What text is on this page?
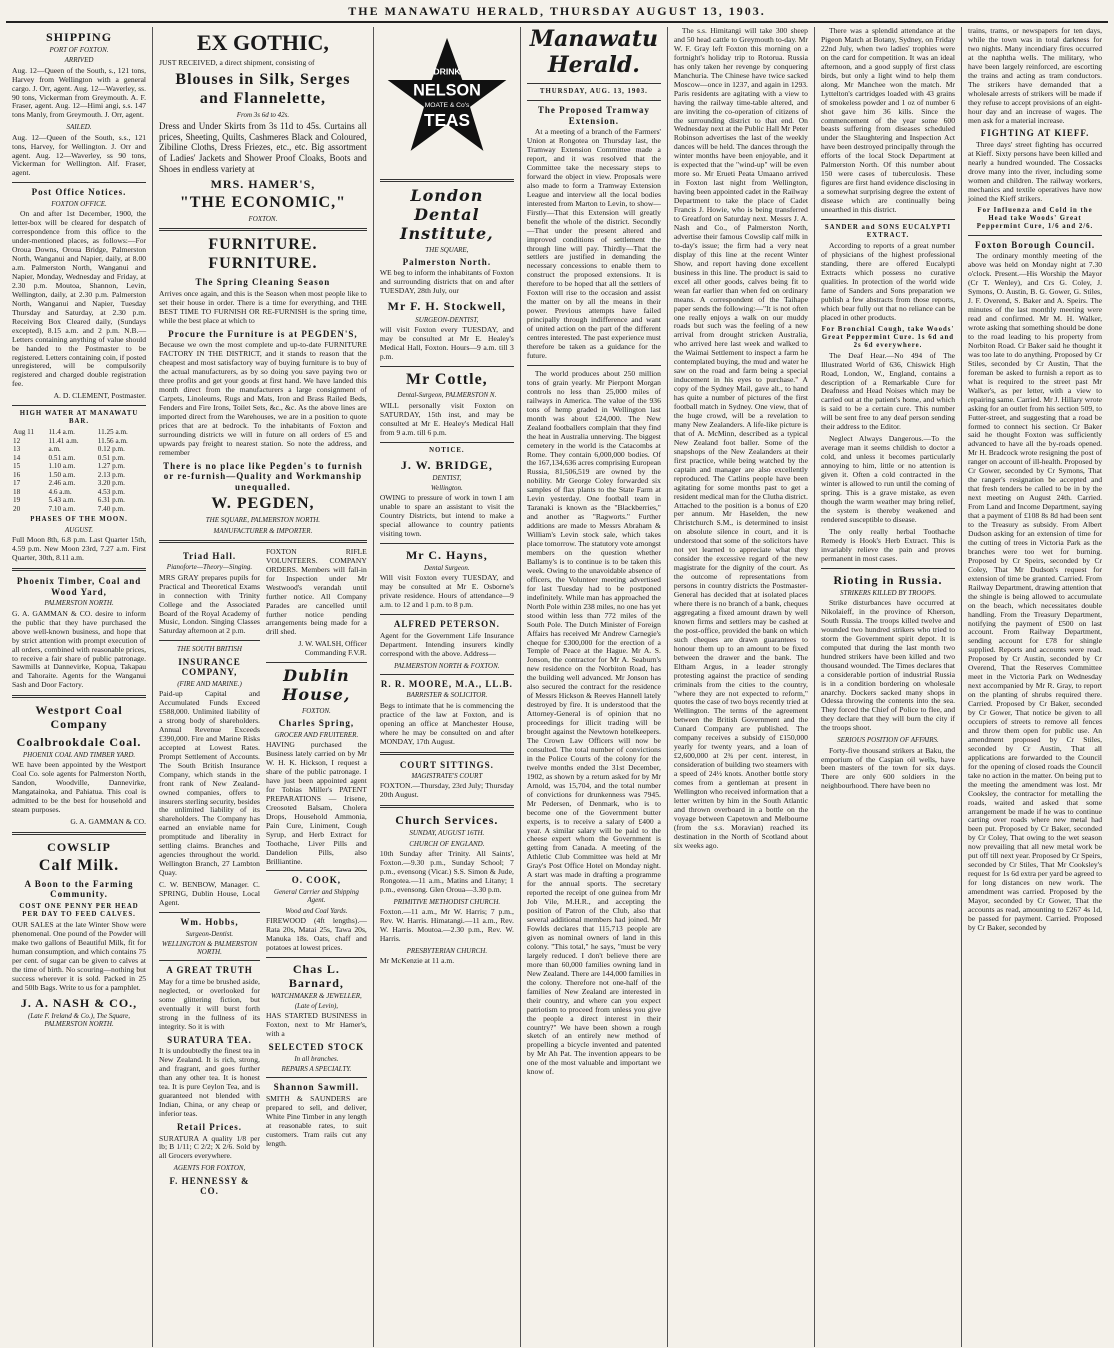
THE MANAWATU HERALD, THURSDAY AUGUST 13, 1903.
SHIPPING
PORT OF FOXTON.
ARRIVED

Aug. 12—Queen of the South, s., 121 tons, Harvey from Wellington with a general cargo. J. Orr, agent. Aug. 12—Waverley, ss. 90 tons, Vickerman from Greymouth. A. F. Fraser, agent. Aug. 12—Himi angi, s.s. 147 tons Manly, from Greymouth. J. Orr, agent.

SAILED.

Aug. 12—Queen of the South, s.s., 121 tons, Harvey, for Wellington. J. Orr and agent. Aug. 12—Waverley, ss 90 tons, Vickerman for Wellington. Alf. Fraser, agent.

Post Office Notices.
FOXTON OFFICE.

On and after 1st December, 1900, the letter-box will be cleared for despatch of correspondence from this office to the under-mentioned places, as follows:—For Oroua Downs, Oroua Bridge, Palmerston North, Wanganui and Napier, daily, at 8.00 a.m. Palmerston North, Wanganui and Napier, Monday, Wednesday and Friday, at 2.30 p.m. Moutoa, Shannon, Levin, Wellington, daily, at 2.30 p.m. Palmerston North, Wanganui and Napier, Tuesday Thursday and Saturday, at 2.30 p.m. Receiving Box Cleared daily, (Sundays excepted), 8.15 a.m. and 2 p.m. N.B.—Letters containing anything of value should be handed to the Postmaster to be registered. Letters containing coin, if posted unregistered, will be compulsorily registered and charged double registration fee.

A. D. CLEMENT, Postmaster.

HIGH WATER AT MANAWATU BAR.
Aug 11	11.4 a.m.	11.25 a.m.
12	11.41 a.m.	11.56 a.m.
13	a.m.	0.12 p.m.
14	0.51 a.m.	0.51 p.m.
15	1.10 a.m.	1.27 p.m.
16	1.50 a.m.	2.13 p.m.
17	2.46 a.m.	3.20 p.m.
18	4.6 a.m.	4.53 p.m.
19	5.43 a.m.	6.31 p.m.
20	7.10 a.m.	7.40 p.m.
PHASES OF THE MOON.
AUGUST.

Full Moon 8th, 6.8 p.m. Last Quarter 15th, 4.59 p.m. New Moon 23rd, 7.27 a.m. First Quarter, 30th, 8.11 a.m.

Phoenix Timber, Coal and Wood Yard,
PALMERSTON NORTH.

G. A. GAMMAN & CO. desire to inform the public that they have purchased the above well-known business, and hope that by strict attention with prompt execution of all orders, combined with reasonable prices, to receive a fair share of public patronage. Sawmills at Dannevirke, Kopua, Takapau and Tahoraite. Agents for the Wanganui Sash and Door Factory.

Westport Coal Company
Coalbrookdale Coal.
PHOENIX COAL AND TIMBER YARD.

WE have been appointed by the Westport Coal Co. sole agents for Palmerston North, Sandon, Woodville, Dannevirke, Mangatainoka, and Pahiatua. This coal is admitted to be the best for household and steam purposes.

G. A. GAMMAN & CO.

COWSLIP
Calf Milk.
A Boon to the Farming Community.
COST ONE PENNY PER HEAD PER DAY TO FEED CALVES.

OUR SALES at the late Winter Show were phenomenal. One pound of the Powder will make two gallons of Beautiful Milk, fit for human consumption, and which contains 75 per cent. of sugar can be given to calves at the time of birth. No scouring—nothing but success wherever it is sold. Packed in 25 and 50lb Bags. Write to us for a pamphlet.

J. A. NASH & CO.,
(Late F. Ireland & Co.), The Square, PALMERSTON NORTH.
EX GOTHIC,

JUST RECEIVED, a direct shipment, consisting of

Blouses in Silk, Serges and Flannelette,
From 3s 6d to 42s.

Dress and Under Skirts from 3s 11d to 45s. Curtains all prices, Sheeting, Quilts, Cashmeres Black and Coloured, Zibiline Cloths, Dress Friezes, etc., etc. Big assortment of Ladies' Jackets and Shower Proof Cloaks, Boots and Shoes in endless variety at

MRS. HAMER'S,
"THE ECONOMIC,"
FOXTON.
FURNITURE. FURNITURE.
The Spring Cleaning Season

Arrives once again, and this is the Season when most people like to set their house in order. There is a time for everything, and THE BEST TIME TO FURNISH OR RE-FURNISH is the spring time, while the best place at which to

Procure the Furniture is at PEGDEN'S,

Because we own the most complete and up-to-date FURNITURE FACTORY IN THE DISTRICT, and it stands to reason that the cheapest and most satisfactory way of buying furniture is to buy of the actual manufacturers, as by so doing you save paying two or three profits and get your goods at first hand. We have landed this month direct from the manufacturers a large consignment of Carpets, Linoleums, Rugs and Mats, Iron and Brass Railed Beds, Fenders and Fire Irons, Toilet Sets, &c., &c. As the above lines are imported direct from the Warehouses, we are in a position to quote prices that are at bedrock. To the inhabitants of Foxton and surrounding districts we will in future on all orders of £5 and upwards pay freight to nearest station. So note the address, and remember

There is no place like Pegden's to furnish or re-furnish—Quality and Workmanship unequalled.
W. PEGDEN,
THE SQUARE, PALMERSTON NORTH.
MANUFACTURER & IMPORTER.
Triad Hall.
Pianoforte—Theory—Singing.

MRS GRAY prepares pupils for Practical and Theoretical Exams in connection with Trinity College and the Associated Board of the Royal Academy of Music, London. Singing Classes Saturday afternoon at 2 p.m.

THE SOUTH BRITISH
INSURANCE COMPANY,
(FIRE AND MARINE.)

Paid-up Capital and Accumulated Funds Exceed £588,000. Unlimited liability of a strong body of shareholders. Annual Revenue Exceeds £390,000. Fire and Marine Risks accepted at Lowest Rates. Prompt Settlement of Accounts. The South British Insurance Company, which stands in the front rank of New Zealand-owned companies, offers to insurers sterling security, besides the unlimited liability of its shareholders. The Company has earned an enviable name for promptitude and liberality in settling claims. Branches and agencies throughout the world. Wellington Branch, 27 Lambton Quay.

C. W. BENBOW, Manager. C. SPRING, Dublin House, Local Agent.

Wm. Hobbs,
Surgeon-Dentist.
WELLINGTON & PALMERSTON NORTH.
A GREAT TRUTH

May for a time be brushed aside, neglected, or overlooked for some glittering fiction, but eventually it will burst forth strong in the fullness of its integrity. So it is with

SURATURA TEA.

It is undoubtedly the finest tea in New Zealand. It is rich, strong, and fragrant, and goes further than any other tea. It is honest tea. It is pure Ceylon Tea, and is guaranteed not blended with Indian, China, or any cheap or inferior teas.

Retail Prices.

SURATURA A quality 1/8 per lb; B 1/11; C 2/2; X 2/6. Sold by all Grocers everywhere.

AGENTS FOR FOXTON,
F. HENNESSY & CO.

FOXTON RIFLE VOLUNTEERS. COMPANY ORDERS. Members will fall-in for Inspection under Mr Westwood's verandah until further notice. All Company Parades are cancelled until further notice pending arrangements being made for a drill shed.

J. W. WALSH, Officer Commanding F.V.R.

Dublin House,
FOXTON.
Charles Spring,
GROCER AND FRUITERER.

HAVING purchased the Business lately carried on by Mr W. H. K. Hickson, I request a share of the public patronage. I have just been appointed agent for Tobias Miller's PATENT PREPARATIONS — Irisene, Creosoted Balsam, Cholera Drops, Household Ammonia, Pain Cure, Liniment, Cough Syrup, and Herb Extract for Toothache, Liver Pills and Dandelion Pills, also Brilliantine.

O. COOK,
General Carrier and Shipping Agent.
Wood and Coal Yards.

FIREWOOD (4ft lengths).—Rata 20s, Matai 25s, Tawa 20s, Manuka 18s. Oats, chaff and potatoes at lowest prices.

Chas L. Barnard,
WATCHMAKER & JEWELLER,
(Late of Levin),

HAS STARTED BUSINESS in Foxton, next to Mr Hamer's, with a

SELECTED STOCK
In all branches.
REPAIRS A SPECIALTY.
Shannon Sawmill.

SMITH & SAUNDERS are prepared to sell, and deliver, White Pine Timber in any length at reasonable rates, to suit customers. Tram rails cut any length.

DRINK
NELSON
MOATE & Co's
TEAS
London Dental Institute,
THE SQUARE,
Palmerston North.

WE beg to inform the inhabitants of Foxton and surrounding districts that on and after TUESDAY, 28th July, our

Mr F. H. Stockwell,
SURGEON-DENTIST,

will visit Foxton every TUESDAY, and may be consulted at Mr E. Healey's Medical Hall, Foxton. Hours—9 a.m. till 3 p.m.

Mr Cottle,
Dental-Surgeon, PALMERSTON N.

WILL personally visit Foxton on SATURDAY, 15th inst, and may be consulted at Mr E. Healey's Medical Hall from 9 a.m. till 6 p.m.

NOTICE.
J. W. BRIDGE,
DENTIST,
Wellington.

OWING to pressure of work in town I am unable to spare an assistant to visit the Country Districts, but intend to make a special allowance to country patients visiting town.

Mr C. Hayns,
Dental Surgeon.

Will visit Foxton every TUESDAY, and may be consulted at Mr E. Osborne's private residence. Hours of attendance—9 a.m. to 12 and 1 p.m. to 8 p.m.

ALFRED PETERSON.

Agent for the Government Life Insurance Department. Intending insurers kindly correspond with the above. Address—

PALMERSTON NORTH & FOXTON.
R. R. MOORE, M.A., LL.B.
BARRISTER & SOLICITOR.

Begs to intimate that he is commencing the practice of the law at Foxton, and is opening an office at Manchester House, where he may be consulted on and after MONDAY, 17th August.

COURT SITTINGS.
MAGISTRATE'S COURT

FOXTON.—Thursday, 23rd July; Thursday 20th August.

Church Services.
SUNDAY, AUGUST 16TH.
CHURCH OF ENGLAND.

10th Sunday after Trinity. All Saints', Foxton.—9.30 p.m., Sunday School; 7 p.m., evensong (Vicar.) S.S. Simon & Jude, Rongotea.—11 a.m., Matins and Litany; 1 p.m., evensong. Glen Oroua—3.30 p.m.

PRIMITIVE METHODIST CHURCH.

Foxton.—11 a.m., Mr W. Harris; 7 p.m., Rev. W. Harris. Himatangi.—11 a.m., Rev. W. Harris. Moutoa.—2.30 p.m., Rev. W. Harris.

PRESBYTERIAN CHURCH.

Mr McKenzie at 11 a.m.

Manawatu Herald.
THURSDAY, AUG. 13, 1903.
The Proposed Tramway Extension.

At a meeting of a branch of the Farmers' Union at Rongotea on Thursday last, the Tramway Extension Committee made a report, and it was resolved that the Committee take the necessary steps to forward the object in view. Proposals were also made to form a Tramway Extension League and interview all the local bodies interested from Marton to Levin, to show— Firstly—That this Extension will greatly benefit the whole of the district. Secondly—That under the present altered and improved conditions of settlement the through line will pay. Thirdly—That the settlers are justified in demanding the necessary concessions to enable them to construct the proposed extensions. It is therefore to be hoped that all the settlers of Foxton will rise to the occasion and assist the matter on by all the means in their power. Previous attempts have failed principally through indifference and want of united action on the part of the different centres interested. The past experience must therefore be taken as a guidance for the future.

The world produces about 250 million tons of grain yearly. Mr Pierpont Morgan controls no less than 25,000 miles of railways in America. The value of the 936 tons of hemp graded in Wellington last month was about £24,000. The New Zealand footballers complain that they find the heat in Australia unnerving. The biggest cemetery in the world is the Catacombs at Rome. They contain 6,000,000 bodies. Of the 167,134,636 acres comprising European Russia, 81,506,519 are owned by the nobility. Mr George Coley forwarded six samples of flax plants to the State Farm at Levin yesterday. One football team in Taranaki is known as the "Blackberries," and another as "Ragworts." Further additions are made to Messrs Abraham & William's Levin stock sale, which takes place tomorrow. The statutory vote amongst members on the question whether Ballamy's is to continue is to be taken this week. Owing to the unavoidable absence of officers, the Volunteer meeting advertised for last Tuesday had to be postponed indefinitely. While man has approached the North Pole within 238 miles, no one has yet stood within less than 772 miles of the South Pole. The Dutch Minister of Foreign Affairs has received Mr Andrew Carnegie's cheque for £300,000 for the erection of a Temple of Peace at the Hague. Mr A. S. Jonson, the contractor for Mr A. Seaburn's new residence on the Norbiton Road, has the building well advanced. Mr Jonson has also secured the contract for the residence of Messrs Hickson & Reeves Hannell lately destroyed by fire. It is understood that the Attorney-General is of opinion that no proceedings for illicit trading will be brought against the Newtown hotelkeepers. The Crown Law Officers will now be consulted. The total number of convictions in the Police Courts of the colony for the twelve months ended the 31st December, 1902, as shown by a return asked for by Mr Arnold, was 15,704, and the total number of convictions for drunkenness was 7945. Mr Pedersen, of Denmark, who is to become one of the Government butter experts, is to receive a salary of £400 a year. A similar salary will be paid to the cheese expert whom the Government is getting from Canada. A meeting of the Athletic Club Committee was held at Mr Gray's Post Office Hotel on Monday night. A start was made in drafting a programme for the annual sports. The secretary reported the receipt of one guinea from Mr Job Vile, M.H.R., and accepting the position of Patron of the Club, also that several additional members had joined. Mr Fowlds declares that 115,713 people are given as nominal owners of land in this colony. "This total," he says, "must be very largely reduced. I don't believe there are more than 60,000 families owning land in New Zealand. There are 144,000 families in the colony. Therefore not one-half of the families of New Zealand are interested in their country, and where can you expect patriotism to proceed from unless you give the people a direct interest in their country?" We have been shown a rough sketch of an entirely new method of propelling a bicycle invented and patented by Mr Ah Pat. The invention appears to be one of the most valuable and important we know of.

The s.s. Himitangi will take 300 sheep and 50 head cattle to Greymouth to-day. Mr W. F. Gray left Foxton this morning on a fortnight's holiday trip to Rotorua. Russia has only taken her revenge by conquering Manchuria. The Chinese have twice sacked Moscow—once in 1237, and again in 1293. Paris residents are agitating with a view to having the railway time-table altered, and are inviting the co-operation of citizens of the surrounding district to that end. On Wednesday next at the Public Hall Mr Peter Robinson advertises the last of the weekly dances will be held. The dances through the winter months have been enjoyable, and it is expected that the "wind-up" will be even more so. Mr Erueti Peata Umaano arrived in Foxton last night from Wellington, having been appointed cadet in the Railway Department to take the place of Cadet Francis J. Howie, who is being transferred to Greatford on Saturday next. Messrs J. A. Nash and Co., of Palmerston North, advertise their famous Cowslip calf milk in to-day's issue; the firm had a very neat display of this line at the recent Winter Show, and report having done excellent business in this line. The product is said to excel all other goods, calves being fit to wean far earlier than when fed on ordinary means. A correspondent of the Taihape paper sends the following:—"It is not often one really enjoys a walk on our muddy roads but such was the feeling of a new arrival from drought stricken Australia, who arrived here last week and walked to the Waimai Settlement to inspect a farm he contemplated buying, the mud and water he saw on the road and farm being a special inducement in his eyes to purchase." A copy of the Sydney Mail, gave alt., to hand has quite a number of pictures of the first football match in Sydney. One view, that of the huge crowd, will be a revelation to many New Zealanders. A life-like picture is that of A. McMinn, described as a typical New Zealand foot baller. Some of the snapshops of the New Zealanders at their first practice, while being watched by the captain and manager are also excellently reproduced. The Catlins people have been agitating for some months past to get a resident medical man for the Clutha district. Attached to the position is a bonus of £20 per annum. Mr Haselden, the new Christchurch S.M., is determined to insist on absolute silence in court, and it is understood that some of the solicitors have not yet learned to appreciate what they consider the excessive regard of the new magistrate for the dignity of the court. As the outcome of representations from persons in country districts the Postmaster-General has decided that at isolated places where there is no branch of a bank, cheques aggregating a fixed amount drawn by well known firms and settlers may be cashed at the post-office, provided the bank on which such cheques are drawn guarantees to honour them up to an amount to be fixed between the drawer and the bank. The Eltham Argus, in a leader strongly protesting against the practice of sending criminals from the cities to the country, "where they are not expected to reform," quotes the case of two boys recently tried at Wellington. The terms of the agreement between the British Government and the Cunard Company are published. The company receives a subsidy of £150,000 yearly for twenty years, and a loan of £2,600,000 at 2¾ per cent. interest, in consideration of building two steamers with a speed of 24½ knots. Another bottle story comes from a gentleman at present in Wellington who received information that a letter written by him in the South Atlantic and thrown overboard in a bottle on the voyage between Capetown and Melbourne (from the s.s. Moravian) reached its destination in the North of Scotland about six weeks ago.

There was a splendid attendance at the Pigeon Match at Botany, Sydney, on Friday 22nd July, when two ladies' trophies were on the card for competition. It was an ideal afternoon, and a good supply of first class birds, but only a light wind to help them along. Mr Manchee won the match. Mr Lyttelton's cartridges loaded with 43 grains of smokeless powder and 1 oz of number 6 shot gave him 36 kills. Since the commencement of the year some 600 beasts suffering from diseases scheduled under the Slaughtering and Inspection Act have been destroyed principally through the efforts of the local Stock Department at Palmerston North. Of this number about 150 were cases of tuberculosis. These figures are first hand evidence disclosing in a somewhat surprising degree the extent of disease which are continually being unearthed in this district.

SANDER and SONS EUCALYPTI EXTRACT.

According to reports of a great number of physicians of the highest professional standing, there are offered Eucalypti Extracts which possess no curative qualities. In protection of the world wide fame of Sanders and Sons preparation we publish a few abstracts from those reports, which bear fully out that no reliance can be placed in other products.

For Bronchial Cough, take Woods' Great Peppermint Cure. 1s 6d and 2s 6d everywhere.

The Deaf Hear.—No 494 of The Illustrated World of 636, Chiswick High Road, London, W., England, contains a description of a Remarkable Cure for Deafness and Head Noises which may be carried out at the patient's home, and which is said to be a certain cure. This number will be sent free to any deaf person sending their address to the Editor.

Neglect Always Dangerous.—To the average man it seems childish to doctor a cold, and unless it becomes particularly annoying to him, little or no attention is given it. Often a cold contracted in the winter is allowed to run until the coming of spring. This is a grave mistake, as even though the warm weather may bring relief, the system is thereby weakened and rendered susceptible to disease.

The only really herbal Toothache Remedy is Hook's Herb Extract. This is invariably relieve the pain and proves permanent in most cases.

Rioting in Russia.
STRIKERS KILLED BY TROOPS.

Strike disturbances have occurred at Nikolaieff, in the province of Kherson, South Russia. The troops killed twelve and wounded two hundred strikers who tried to storm the Government spirit depot. It is computed that during the last month two hundred strikers have been killed and two thousand wounded. The Times declares that a considerable portion of industrial Russia is in a condition bordering on wholesale anarchy. Dockers sacked many shops in Odessa throwing the contents into the sea. They forced the Chief of Police to flee, and they declare that they will burn the city if the troops shoot.

SERIOUS POSITION OF AFFAIRS.

Forty-five thousand strikers at Baku, the emporium of the Caspian oil wells, have been masters of the town for six days. There are only 600 soldiers in the neighbourhood. There have been no

trains, trams, or newspapers for ten days, while the town was in total darkness for two nights. Many incendiary fires occurred at the naphtha wells. The military, who have been largely reinforced, are escorting the trains and acting as tram conductors. The strikers have demanded that a wholesale arrests of strikers will be made if they refuse to accept provisions of an eight-hour day and an increase of wages. The men ask for a material increase.

FIGHTING AT KIEFF.

Three days' street fighting has occurred at Kieff. Sixty persons have been killed and nearly a hundred wounded. The Cossacks drove many into the river, including some women and children. The railway workers, mechanics and textile operatives have now joined the Kieff strikers.

For Influenza and Cold in the Head take Woods' Great Peppermint Cure, 1/6 and 2/6.
Foxton Borough Council.

The ordinary monthly meeting of the above was held on Monday night at 7.30 o'clock. Present.—His Worship the Mayor (Cr T. Wenley), and Crs G. Coley, J. Symons, O. Austin, B. G. Gower, G. Stiles, J. F. Overend, S. Baker and A. Speirs. The minutes of the last monthly meeting were read and confirmed. Mr M. H. Walker, wrote asking that something should be done to the road leading to his property from Norbiton Road. Cr Baker said he thought it was too late to do anything. Proposed by Cr Stiles, seconded by Cr Austin, That the foreman be asked to furnish a report as to what is required to the street past Mr Walker's, as per letter, with a view to repairing same. Carried. Mr J. Hillary wrote asking for an outlet from his section 509, to Futter-street, and suggesting that a road be formed to connect his section. Cr Baker said he thought Foxton was sufficiently advanced to have all the by-roads opened. Mr H. Bradcock wrote resigning the post of ranger on account of ill-health. Proposed by Cr Gower, seconded by Cr Symons, That the ranger's resignation be accepted and that fresh tenders be called to be in by the next meeting on August 24th. Carried. From Land and Income Department, saying that a payment of £108 8s 8d had been sent to the Treasury as subsidy. From Albert Dudson asking for an extension of time for the cutting of trees in Victoria Park as the branches were too wet for burning. Proposed by Cr Speirs, seconded by Cr Coley, That Mr Dudson's request for extension of time be granted. Carried. From Railway Department, drawing attention that the shingle is being allowed to accumulate on the beach, which necessitates double handling. From the Treasury Department, notifying the payment of £500 on last account. From Railway Department, sending account for £78 for shingle supplied. Reports and accounts were read. Proposed by Cr Austin, seconded by Cr Overend, That the Reserves Committee meet in the Victoria Park on Wednesday next accompanied by Mr R. Gray, to report on the planting of shrubs required there. Carried. Proposed by Cr Baker, seconded by Cr Gower, That notice be given to all occupiers of streets to remove all fences and throw them open for public use. An amendment proposed by Cr Stiles, seconded by Cr Austin, That all applications are forwarded to the Council for the opening of closed roads the Council take no action in the matter. On being put to the meeting the amendment was lost. Mr Cooksley, the contractor for metalling the roads, waited and asked that some arrangement be made if he was to continue carting over roads where new metal had been put. Proposed by Cr Baker, seconded by Cr Coley, That owing to the wet season now prevailing that all new metal work be put off till next year. Proposed by Cr Speirs, seconded by Cr Stiles, That Mr Cooksley's request for 1s 6d extra per yard be agreed to for long distances on new work. The amendment was carried. Proposed by the Mayor, seconded by Cr Gower, That the accounts as read, amounting to £267 4s 1d, be passed for payment. Carried. Proposed by Cr Baker, seconded by
